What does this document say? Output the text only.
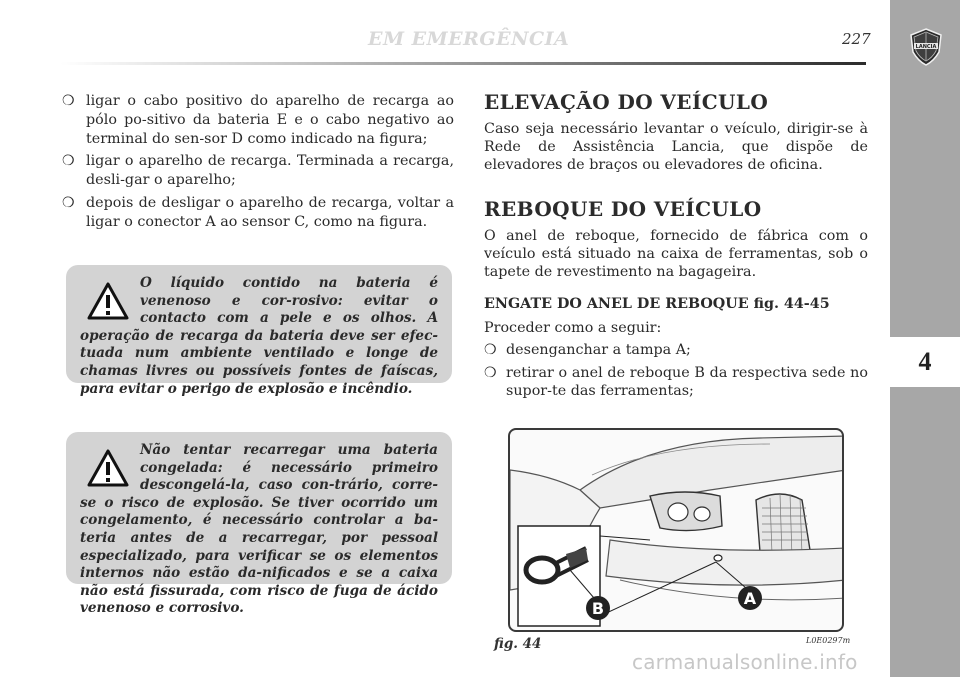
EM EMERGÊNCIA	227	LANCIA
4
❍ ligar o cabo positivo do aparelho de recarga ao pólo po-sitivo da bateria E e o cabo negativo ao terminal do sen-sor D como indicado na figura;
❍ ligar o aparelho de recarga. Terminada a recarga, desli-gar o aparelho;
❍ depois de desligar o aparelho de recarga, voltar a ligar o conector A ao sensor C, como na figura.

O líquido contido na bateria é venenoso e cor-rosivo: evitar o contacto com a pele e os olhos. A operação de recarga da bateria deve ser efec-tuada num ambiente ventilado e longe de chamas livres ou possíveis fontes de faíscas, para evitar o perigo de explosão e incêndio.

Não tentar recarregar uma bateria congelada: é necessário primeiro descongelá-la, caso con-trário, corre-se o risco de explosão. Se tiver ocorrido um congelamento, é necessário controlar a ba-teria antes de a recarregar, por pessoal especializado, para verificar se os elementos internos não estão da-nificados e se a caixa não está fissurada, com risco de fuga de ácido venenoso e corrosivo.

ELEVAÇÃO DO VEÍCULO

Caso seja necessário levantar o veículo, dirigir-se à Rede de Assistência Lancia, que dispõe de elevadores de braços ou elevadores de oficina.

REBOQUE DO VEÍCULO

O anel de reboque, fornecido de fábrica com o veículo está situado na caixa de ferramentas, sob o tapete de revestimento na bagageira.

ENGATE DO ANEL DE REBOQUE fig. 44-45

Proceder como a seguir:

❍ desenganchar a tampa A;
❍ retirar o anel de reboque B da respectiva sede no supor-te das ferramentas;
A
B
fig. 44	L0E0297m
carmanualsonline.info
